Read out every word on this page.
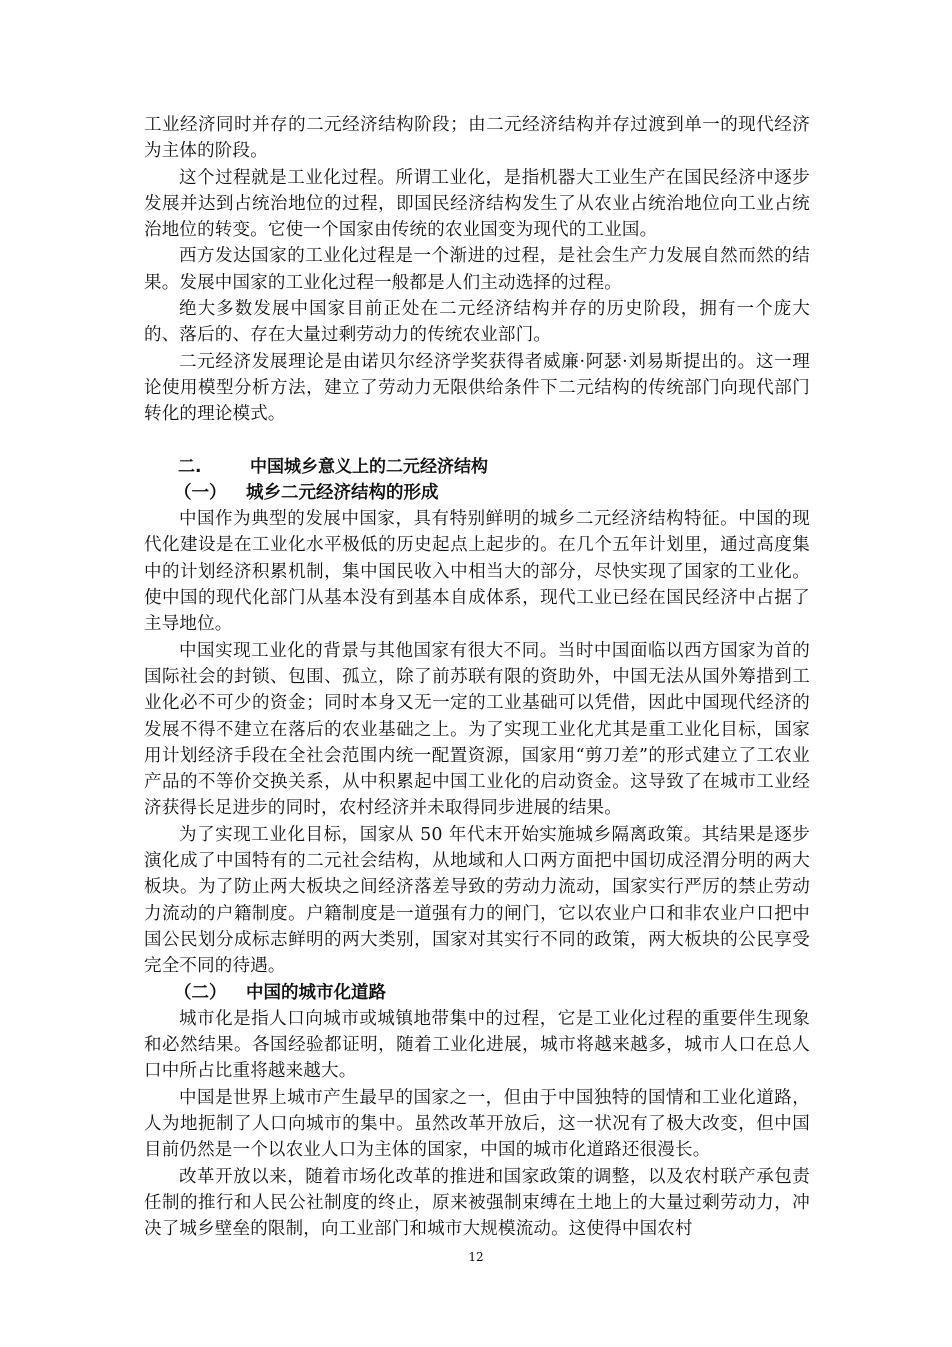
工业经济同时并存的二元经济结构阶段；由二元经济结构并存过渡到单一的现代经济为主体的阶段。

这个过程就是工业化过程。所谓工业化，是指机器大工业生产在国民经济中逐步发展并达到占统治地位的过程，即国民经济结构发生了从农业占统治地位向工业占统治地位的转变。它使一个国家由传统的农业国变为现代的工业国。

西方发达国家的工业化过程是一个渐进的过程，是社会生产力发展自然而然的结果。发展中国家的工业化过程一般都是人们主动选择的过程。

绝大多数发展中国家目前正处在二元经济结构并存的历史阶段，拥有一个庞大的、落后的、存在大量过剩劳动力的传统农业部门。

二元经济发展理论是由诺贝尔经济学奖获得者威廉·阿瑟·刘易斯提出的。这一理论使用模型分析方法，建立了劳动力无限供给条件下二元结构的传统部门向现代部门转化的理论模式。

二.	中国城乡意义上的二元经济结构
（一） 城乡二元经济结构的形成

中国作为典型的发展中国家，具有特别鲜明的城乡二元经济结构特征。中国的现代化建设是在工业化水平极低的历史起点上起步的。在几个五年计划里，通过高度集中的计划经济积累机制，集中国民收入中相当大的部分，尽快实现了国家的工业化。使中国的现代化部门从基本没有到基本自成体系，现代工业已经在国民经济中占据了主导地位。

中国实现工业化的背景与其他国家有很大不同。当时中国面临以西方国家为首的国际社会的封锁、包围、孤立，除了前苏联有限的资助外，中国无法从国外筹措到工业化必不可少的资金；同时本身又无一定的工业基础可以凭借，因此中国现代经济的发展不得不建立在落后的农业基础之上。为了实现工业化尤其是重工业化目标，国家用计划经济手段在全社会范围内统一配置资源，国家用“剪刀差”的形式建立了工农业产品的不等价交换关系，从中积累起中国工业化的启动资金。这导致了在城市工业经济获得长足进步的同时，农村经济并未取得同步进展的结果。

为了实现工业化目标，国家从 50 年代末开始实施城乡隔离政策。其结果是逐步演化成了中国特有的二元社会结构，从地域和人口两方面把中国切成泾渭分明的两大板块。为了防止两大板块之间经济落差导致的劳动力流动，国家实行严厉的禁止劳动力流动的户籍制度。户籍制度是一道强有力的闸门，它以农业户口和非农业户口把中国公民划分成标志鲜明的两大类别，国家对其实行不同的政策，两大板块的公民享受完全不同的待遇。

（二） 中国的城市化道路

城市化是指人口向城市或城镇地带集中的过程，它是工业化过程的重要伴生现象和必然结果。各国经验都证明，随着工业化进展，城市将越来越多，城市人口在总人口中所占比重将越来越大。

中国是世界上城市产生最早的国家之一，但由于中国独特的国情和工业化道路，人为地扼制了人口向城市的集中。虽然改革开放后，这一状况有了极大改变，但中国目前仍然是一个以农业人口为主体的国家，中国的城市化道路还很漫长。

改革开放以来，随着市场化改革的推进和国家政策的调整，以及农村联产承包责任制的推行和人民公社制度的终止，原来被强制束缚在土地上的大量过剩劳动力，冲决了城乡壁垒的限制，向工业部门和城市大规模流动。这使得中国农村

12
